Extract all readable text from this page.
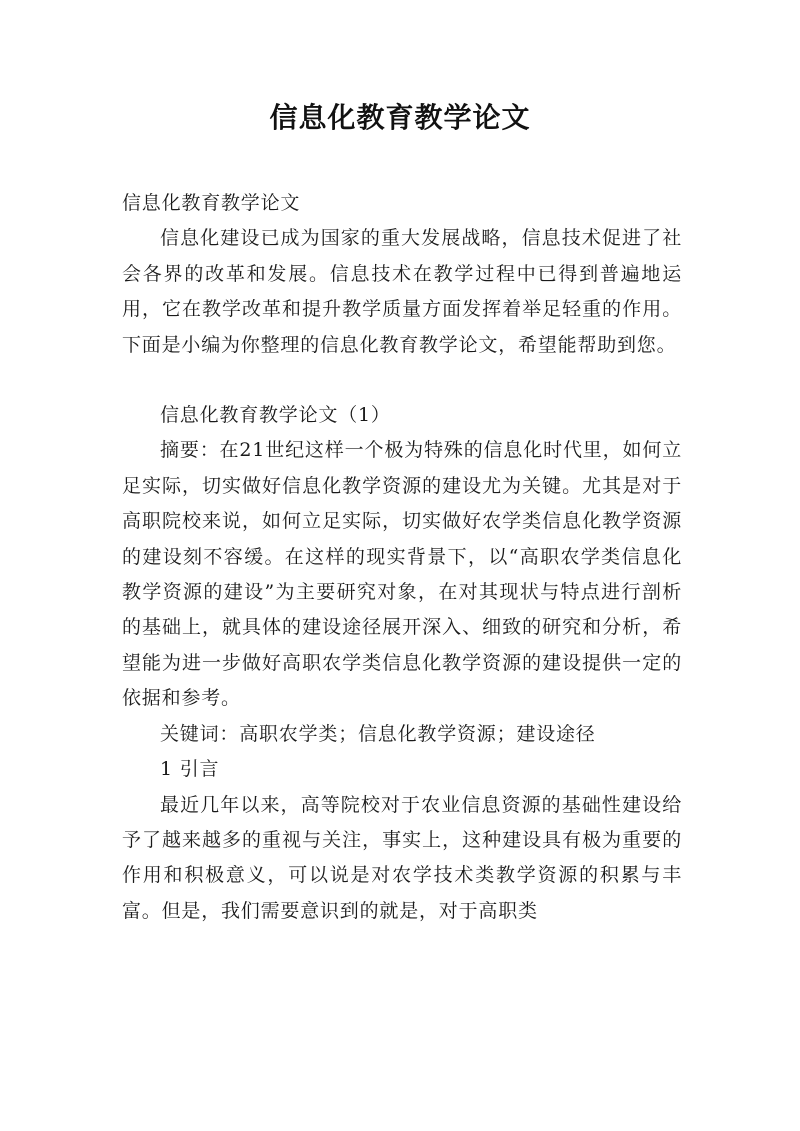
信息化教育教学论文

信息化教育教学论文

信息化建设已成为国家的重大发展战略，信息技术促进了社会各界的改革和发展。信息技术在教学过程中已得到普遍地运用，它在教学改革和提升教学质量方面发挥着举足轻重的作用。下面是小编为你整理的信息化教育教学论文，希望能帮助到您。

信息化教育教学论文（1）

摘要：在21世纪这样一个极为特殊的信息化时代里，如何立足实际，切实做好信息化教学资源的建设尤为关键。尤其是对于高职院校来说，如何立足实际，切实做好农学类信息化教学资源的建设刻不容缓。在这样的现实背景下，以“高职农学类信息化教学资源的建设”为主要研究对象，在对其现状与特点进行剖析的基础上，就具体的建设途径展开深入、细致的研究和分析，希望能为进一步做好高职农学类信息化教学资源的建设提供一定的依据和参考。

关键词：高职农学类；信息化教学资源；建设途径

1 引言

最近几年以来，高等院校对于农业信息资源的基础性建设给予了越来越多的重视与关注，事实上，这种建设具有极为重要的作用和积极意义，可以说是对农学技术类教学资源的积累与丰富。但是，我们需要意识到的就是，对于高职类
